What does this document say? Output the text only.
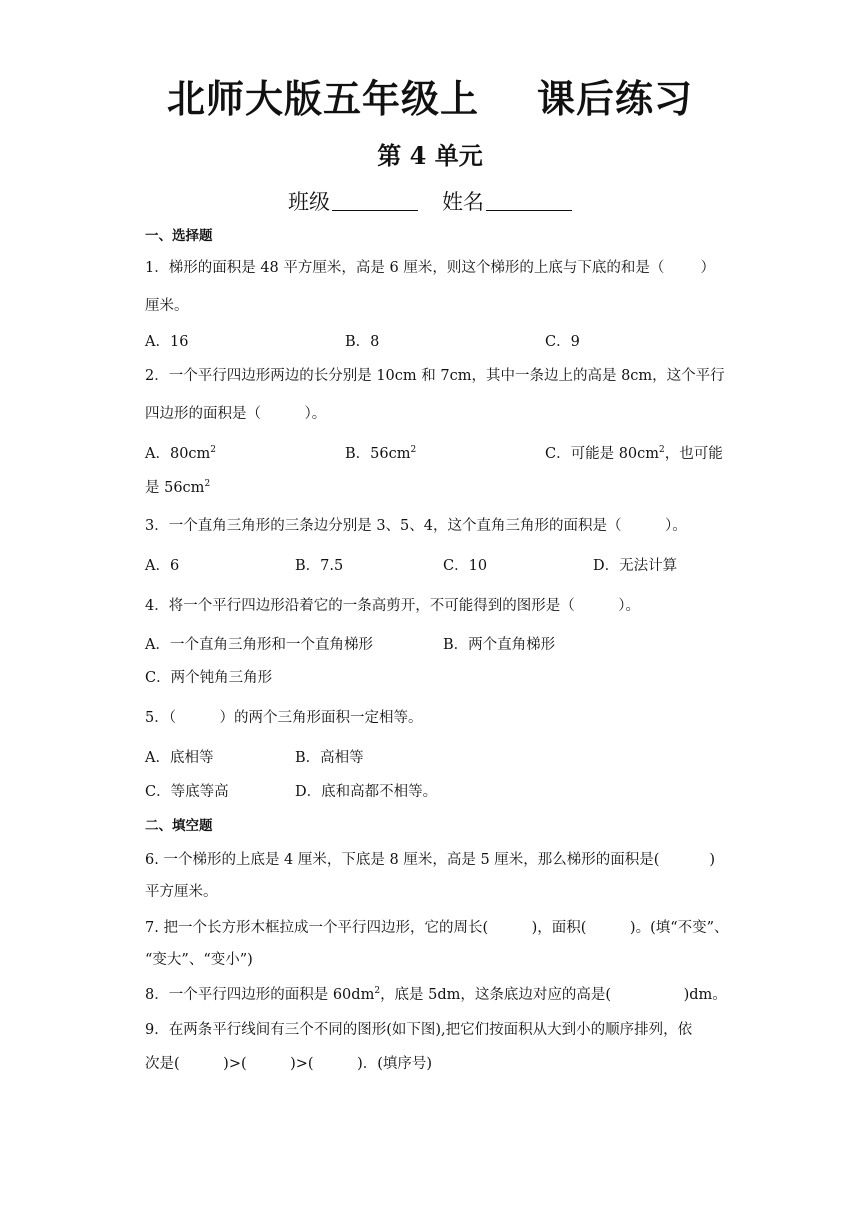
北师大版五年级上 课后练习
第 4 单元
班级	姓名
一、选择题
1．梯形的面积是 48 平方厘米，高是 6 厘米，则这个梯形的上底与下底的和是（ ）
厘米。
A．16	B．8	C．9
2．一个平行四边形两边的长分别是 10cm 和 7cm，其中一条边上的高是 8cm，这个平行
四边形的面积是（　　　）。
A．$80cm^2$	B．$56cm^2$	C．可能是 $80cm^2$，也可能
是 $56cm^2$
3．一个直角三角形的三条边分别是 3、5、4，这个直角三角形的面积是（　　　）。
A．6	B．7.5	C．10	D．无法计算
4．将一个平行四边形沿着它的一条高剪开，不可能得到的图形是（　　　）。
A．一个直角三角形和一个直角梯形	B．两个直角梯形
C．两个钝角三角形
5．（　　　）的两个三角形面积一定相等。
A．底相等	B．高相等
C．等底等高	D．底和高都不相等。
二、填空题
6. 一个梯形的上底是 4 厘米，下底是 8 厘米，高是 5 厘米，那么梯形的面积是(	)
平方厘米。
7. 把一个长方形木框拉成一个平行四边形，它的周长(　　　)，面积(　　　)。(填“不变”、
“变大”、“变小”)
8．一个平行四边形的面积是 $60dm^2$，底是 5dm，这条底边对应的高是(　　　　　)dm。
9．在两条平行线间有三个不同的图形(如下图),把它们按面积从大到小的顺序排列，依
次是(　　　)>(　　　)>(　　　)．(填序号)
